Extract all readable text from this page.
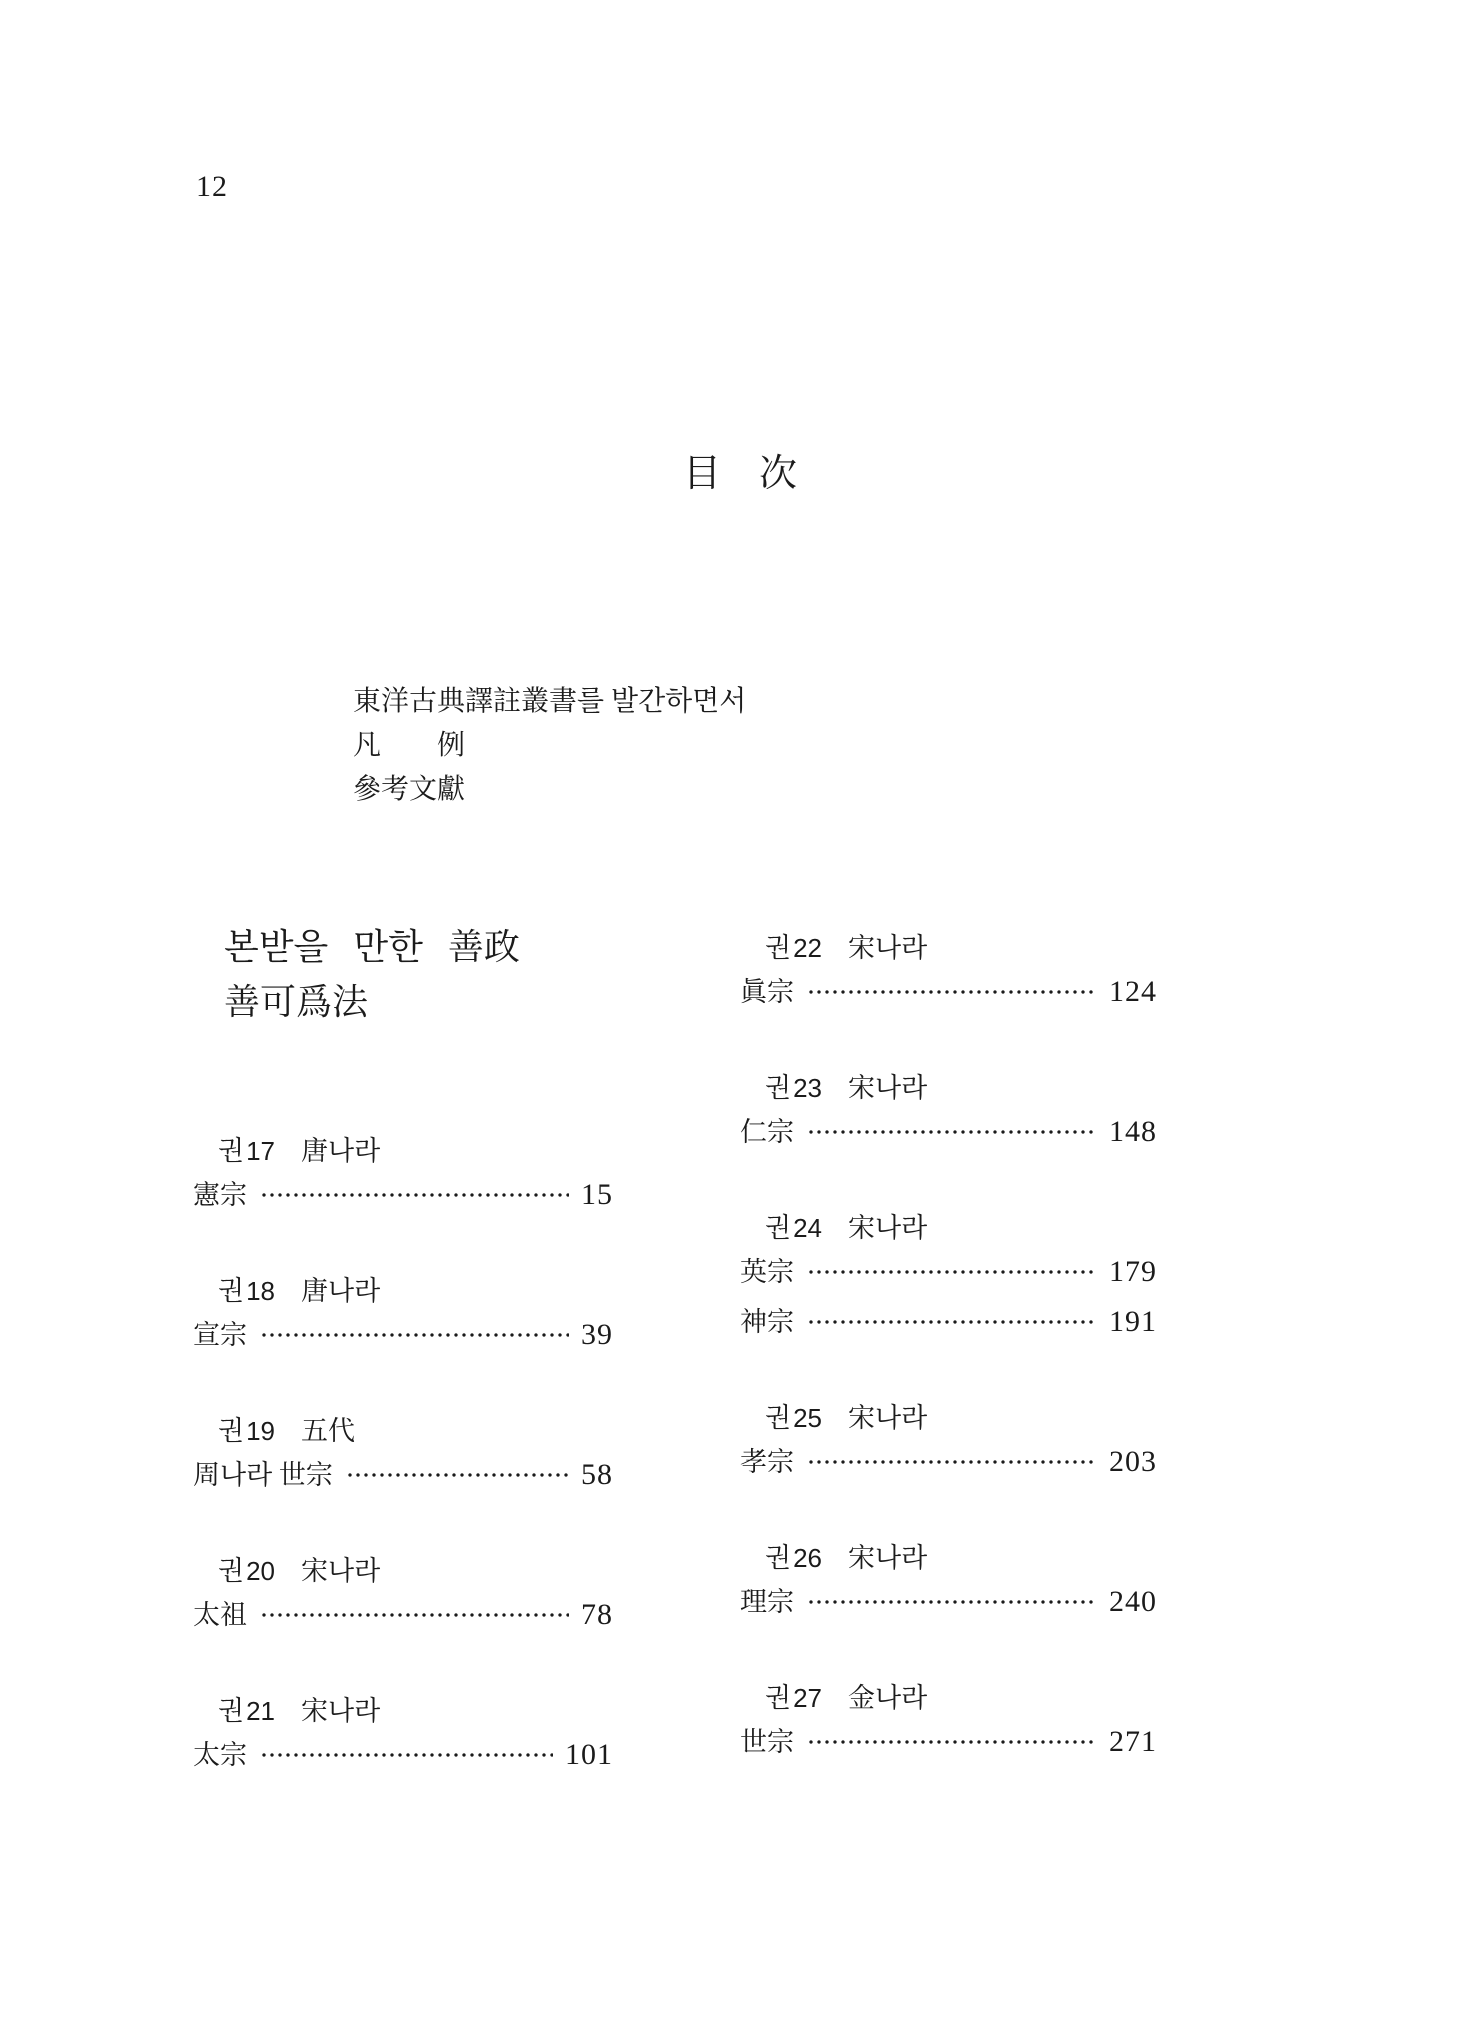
12
目　次
東洋古典譯註叢書를 발간하면서
凡　　例
參考文獻
본받을 만한 善政
善可爲法
권17 唐나라
憲宗	15
권18 唐나라
宣宗	39
권19 五代
周나라 世宗	58
권20 宋나라
太祖	78
권21 宋나라
太宗	101
권22 宋나라
眞宗	124
권23 宋나라
仁宗	148
권24 宋나라
英宗	179
神宗	191
권25 宋나라
孝宗	203
권26 宋나라
理宗	240
권27 金나라
世宗	271
